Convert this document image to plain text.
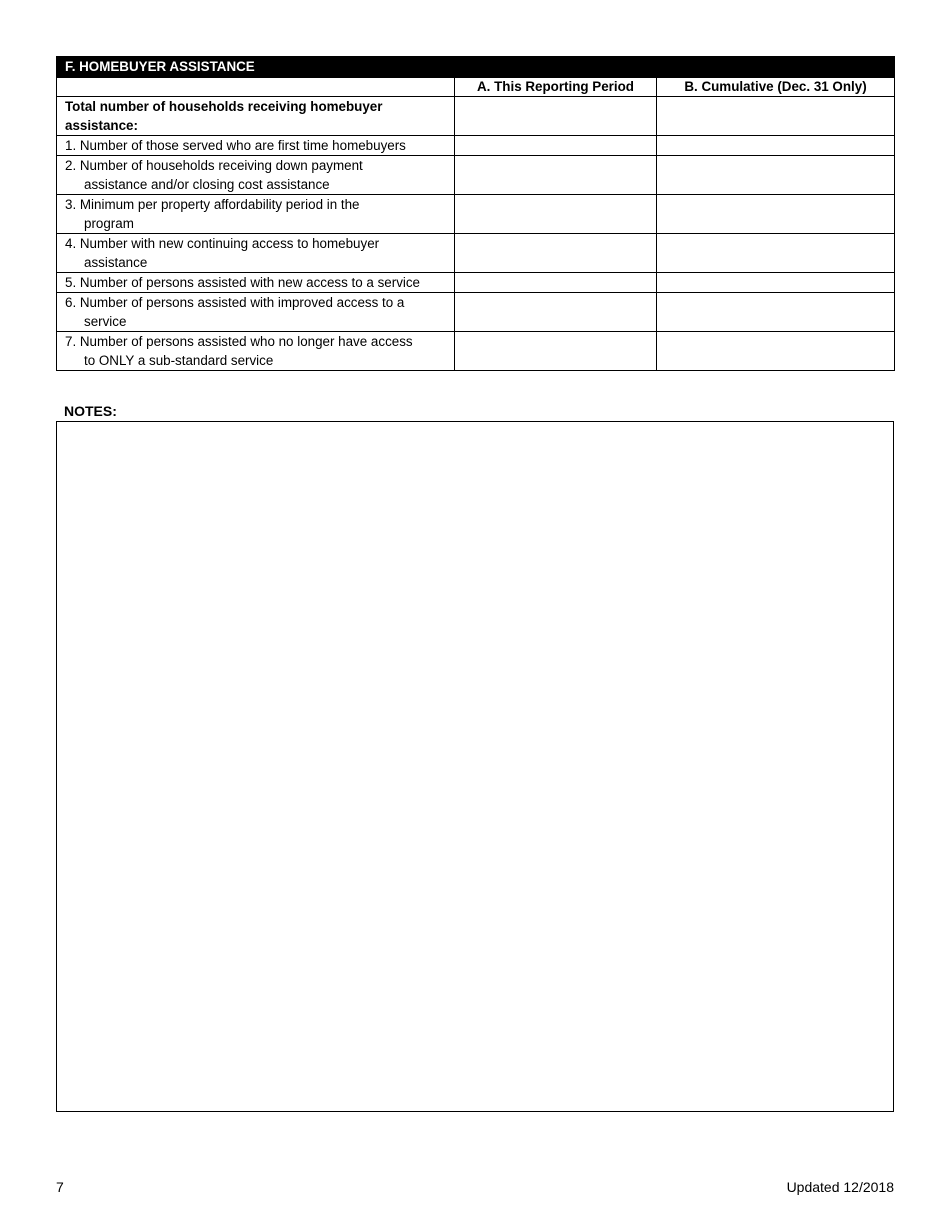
F. HOMEBUYER ASSISTANCE		
	A. This Reporting Period	B. Cumulative (Dec. 31 Only)
Total number of households receiving homebuyer
assistance:		
1. Number of those served who are first time homebuyers		
2. Number of households receiving down payment
assistance and/or closing cost assistance		

3. Minimum per property affordability period in the
program		

4. Number with new continuing access to homebuyer
assistance		

5. Number of persons assisted with new access to a service		
6. Number of persons assisted with improved access to a
service		

7. Number of persons assisted who no longer have access
to ONLY a sub-standard service		

NOTES:
7	Updated 12/2018
